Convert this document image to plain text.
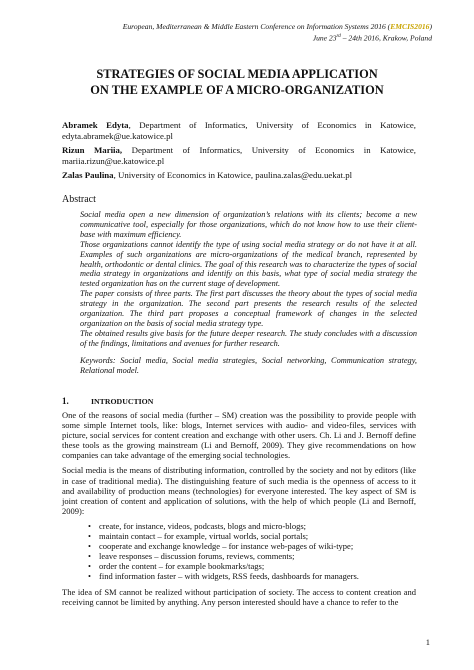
European, Mediterranean & Middle Eastern Conference on Information Systems 2016 (EMCIS2016)
June 23rd – 24th 2016, Krakow, Poland
STRATEGIES OF SOCIAL MEDIA APPLICATION
ON THE EXAMPLE OF A MICRO-ORGANIZATION
Abramek Edyta, Department of Informatics, University of Economics in Katowice, edyta.abramek@ue.katowice.pl
Rizun Mariia, Department of Informatics, University of Economics in Katowice, mariia.rizun@ue.katowice.pl
Zalas Paulina, University of Economics in Katowice, paulina.zalas@edu.uekat.pl
Abstract

Social media open a new dimension of organization’s relations with its clients; become a new communicative tool, especially for those organizations, which do not know how to use their client-base with maximum efficiency.

Those organizations cannot identify the type of using social media strategy or do not have it at all. Examples of such organizations are micro-organizations of the medical branch, represented by health, orthodontic or dental clinics. The goal of this research was to characterize the types of social media strategy in organizations and identify on this basis, what type of social media strategy the tested organization has on the current stage of development.

The paper consists of three parts. The first part discusses the theory about the types of social media strategy in the organization. The second part presents the research results of the selected organization. The third part proposes a conceptual framework of changes in the selected organization on the basis of social media strategy type.

The obtained results give basis for the future deeper research. The study concludes with a discussion of the findings, limitations and avenues for further research.

Keywords: Social media, Social media strategies, Social networking, Communication strategy, Relational model.

1.	INTRODUCTION

One of the reasons of social media (further – SM) creation was the possibility to provide people with some simple Internet tools, like: blogs, Internet services with audio- and video-files, services with picture, social services for content creation and exchange with other users. Ch. Li and J. Bernoff define these tools as the growing mainstream (Li and Bernoff, 2009). They give recommendations on how companies can take advantage of the emerging social technologies.

Social media is the means of distributing information, controlled by the society and not by editors (like in case of traditional media). The distinguishing feature of such media is the openness of access to it and availability of production means (technologies) for everyone interested. The key aspect of SM is joint creation of content and application of solutions, with the help of which people (Li and Bernoff, 2009):

• create, for instance, videos, podcasts, blogs and micro-blogs;
• maintain contact – for example, virtual worlds, social portals;
• cooperate and exchange knowledge – for instance web-pages of wiki-type;
• leave responses – discussion forums, reviews, comments;
• order the content – for example bookmarks/tags;
• find information faster – with widgets, RSS feeds, dashboards for managers.

The idea of SM cannot be realized without participation of society. The access to content creation and receiving cannot be limited by anything. Any person interested should have a chance to refer to the

1
